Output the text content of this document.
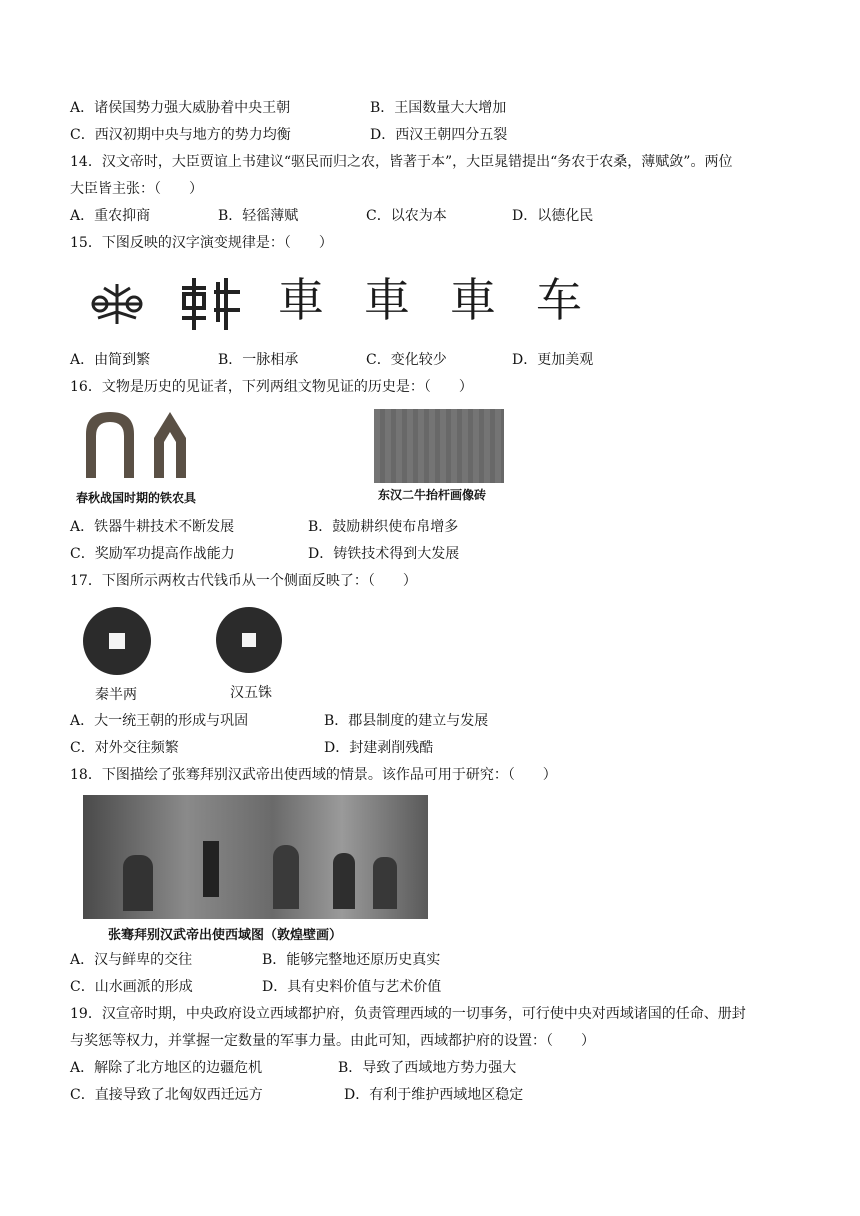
A．诸侯国势力强大威胁着中央王朝	B．王国数量大大增加
C．西汉初期中央与地方的势力均衡	D．西汉王朝四分五裂
14．汉文帝时，大臣贾谊上书建议“驱民而归之农，皆著于本”，大臣晁错提出“务农于农桑，薄赋敛”。两位
大臣皆主张：（　　）
A．重农抑商	B．轻徭薄赋	C．以农为本	D．以德化民
15．下图反映的汉字演变规律是：（　　）
車 車 車 车
A．由简到繁	B．一脉相承	C．变化较少	D．更加美观
16．文物是历史的见证者，下列两组文物见证的历史是：（　　）
春秋战国时期的铁农具	东汉二牛抬杆画像砖
A．铁器牛耕技术不断发展	B．鼓励耕织使布帛增多
C．奖励军功提高作战能力	D．铸铁技术得到大发展
17．下图所示两枚古代钱币从一个侧面反映了：（　　）
秦半两	汉五铢
A．大一统王朝的形成与巩固	B．郡县制度的建立与发展
C．对外交往频繁	D．封建剥削残酷
18．下图描绘了张骞拜别汉武帝出使西域的情景。该作品可用于研究：（　　）
张骞拜别汉武帝出使西域图（敦煌壁画）
A．汉与鲜卑的交往	B．能够完整地还原历史真实
C．山水画派的形成	D．具有史料价值与艺术价值
19．汉宣帝时期，中央政府设立西域都护府，负责管理西域的一切事务，可行使中央对西域诸国的任命、册封
与奖惩等权力，并掌握一定数量的军事力量。由此可知，西域都护府的设置：（　　）
A．解除了北方地区的边疆危机	B．导致了西域地方势力强大
C．直接导致了北匈奴西迁远方	D．有利于维护西域地区稳定
